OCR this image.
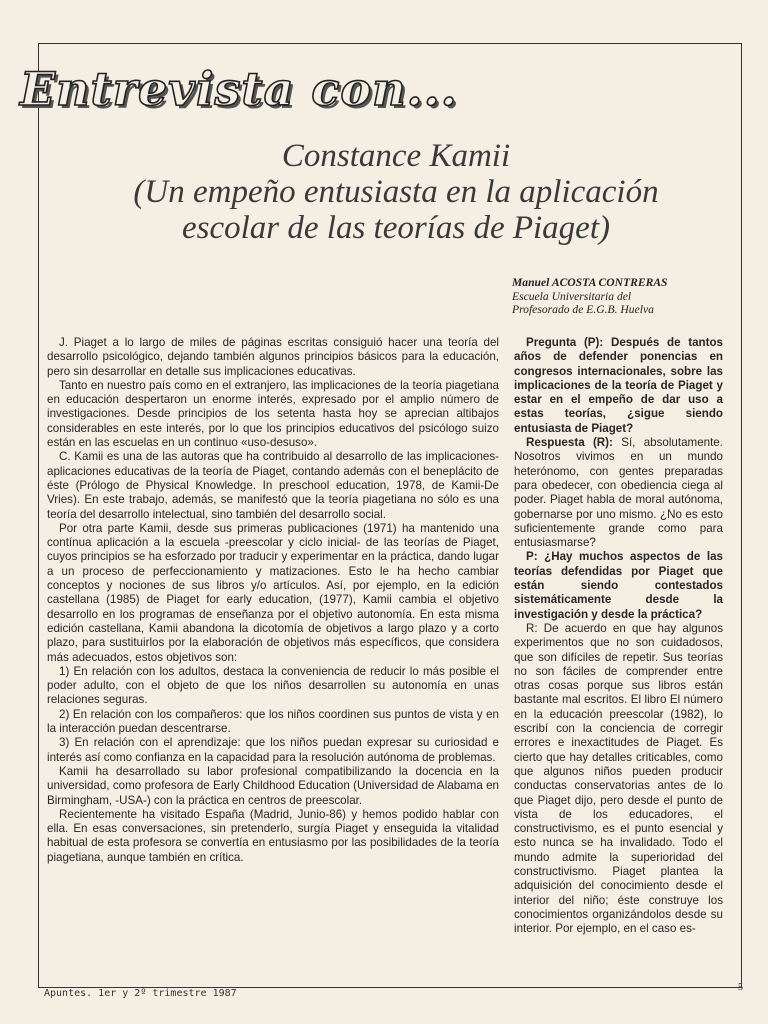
Entrevista con...
Constance Kamii
(Un empeño entusiasta en la aplicación
escolar de las teorías de Piaget)
Manuel ACOSTA CONTRERAS
Escuela Universitaria del
Profesorado de E.G.B. Huelva

J. Piaget a lo largo de miles de páginas escritas consiguió hacer una teoría del desarrollo psicológico, dejando también algunos principios básicos para la educación, pero sin desarrollar en detalle sus implicaciones educativas.

Tanto en nuestro país como en el extranjero, las implicaciones de la teoría piagetiana en educación despertaron un enorme interés, expresado por el amplio número de investigaciones. Desde principios de los setenta hasta hoy se aprecian altibajos considerables en este interés, por lo que los principios educativos del psicólogo suizo están en las escuelas en un continuo «uso-desuso».

C. Kamii es una de las autoras que ha contribuido al desarrollo de las implicaciones-aplicaciones educativas de la teoría de Piaget, contando además con el beneplácito de éste (Prólogo de Physical Knowledge. In preschool education, 1978, de Kamii-De Vries). En este trabajo, además, se manifestó que la teoría piagetiana no sólo es una teoría del desarrollo intelectual, sino también del desarrollo social.

Por otra parte Kamii, desde sus primeras publicaciones (1971) ha mantenido una contínua aplicación a la escuela -preescolar y ciclo inicial- de las teorías de Piaget, cuyos principios se ha esforzado por traducir y experimentar en la práctica, dando lugar a un proceso de perfeccionamiento y matizaciones. Esto le ha hecho cambiar conceptos y nociones de sus libros y/o artículos. Así, por ejemplo, en la edición castellana (1985) de Piaget for early education, (1977), Kamii cambia el objetivo desarrollo en los programas de enseñanza por el objetivo autonomía. En esta misma edición castellana, Kamii abandona la dicotomía de objetivos a largo plazo y a corto plazo, para sustituirlos por la elaboración de objetivos más específicos, que considera más adecuados, estos objetivos son:

1) En relación con los adultos, destaca la conveniencia de reducir lo más posible el poder adulto, con el objeto de que los niños desarrollen su autonomía en unas relaciones seguras.

2) En relación con los compañeros: que los niños coordinen sus puntos de vista y en la interacción puedan descentrarse.

3) En relación con el aprendizaje: que los niños puedan expresar su curiosidad e interés así como confianza en la capacidad para la resolución autónoma de problemas.

Kamii ha desarrollado su labor profesional compatibilizando la docencia en la universidad, como profesora de Early Childhood Education (Universidad de Alabama en Birmingham, -USA-) con la práctica en centros de preescolar.

Recientemente ha visitado España (Madrid, Junio-86) y hemos podido hablar con ella. En esas conversaciones, sin pretenderlo, surgía Piaget y enseguida la vitalidad habitual de esta profesora se convertía en entusiasmo por las posibilidades de la teoría piagetiana, aunque también en crítica.

Pregunta (P): Después de tantos años de defender ponencias en congresos internacionales, sobre las implicaciones de la teoría de Piaget y estar en el empeño de dar uso a estas teorías, ¿sigue siendo entusiasta de Piaget?

Respuesta (R): Sí, absolutamente. Nosotros vivimos en un mundo heterónomo, con gentes preparadas para obedecer, con obediencia ciega al poder. Piaget habla de moral autónoma, gobernarse por uno mismo. ¿No es esto suficientemente grande como para entusiasmarse?

P: ¿Hay muchos aspectos de las teorías defendidas por Piaget que están siendo contestados sistemáticamente desde la investigación y desde la práctica?

R: De acuerdo en que hay algunos experimentos que no son cuidadosos, que son difíciles de repetir. Sus teorías no son fáciles de comprender entre otras cosas porque sus libros están bastante mal escritos. El libro El número en la educación preescolar (1982), lo escribí con la conciencia de corregir errores e inexactitudes de Piaget. Es cierto que hay detalles criticables, como que algunos niños pueden producir conductas conservatorias antes de lo que Piaget dijo, pero desde el punto de vista de los educadores, el constructivismo, es el punto esencial y esto nunca se ha invalidado. Todo el mundo admite la superioridad del constructivismo. Piaget plantea la adquisición del conocimiento desde el interior del niño; éste construye los conocimientos organizándolos desde su interior. Por ejemplo, en el caso es-

Apuntes. 1er y 2º trimestre 1987
5
